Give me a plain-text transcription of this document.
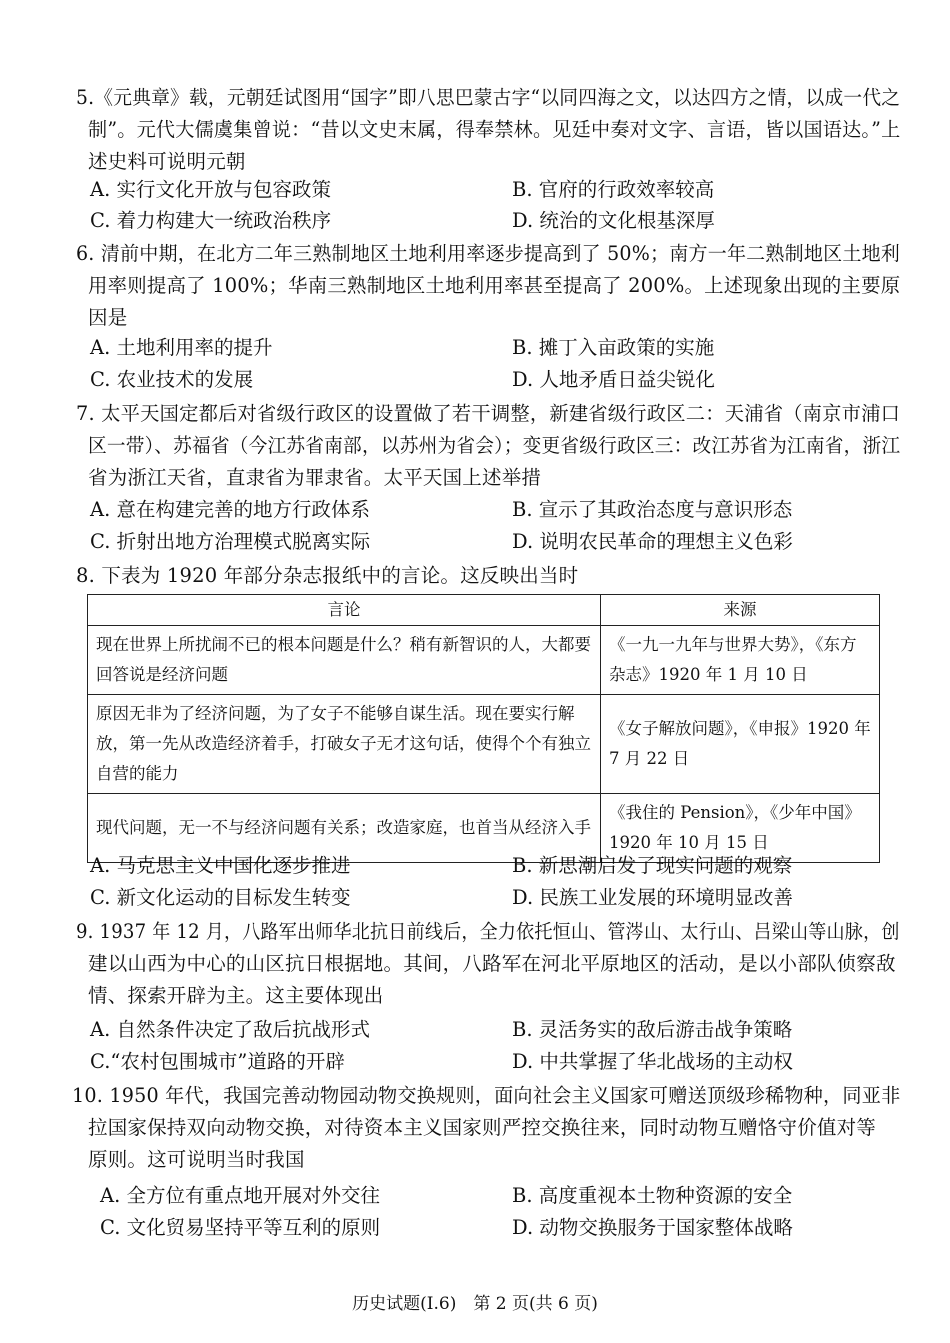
5.《元典章》载，元朝廷试图用“国字”即八思巴蒙古字“以同四海之文，以达四方之情，以成一代之
制”。元代大儒虞集曾说：“昔以文史末属，得奉禁林。见廷中奏对文字、言语，皆以国语达。”上
述史料可说明元朝
A. 实行文化开放与包容政策	B. 官府的行政效率较高
C. 着力构建大一统政治秩序	D. 统治的文化根基深厚
6. 清前中期，在北方二年三熟制地区土地利用率逐步提高到了 50%；南方一年二熟制地区土地利
用率则提高了 100%；华南三熟制地区土地利用率甚至提高了 200%。上述现象出现的主要原
因是
A. 土地利用率的提升	B. 摊丁入亩政策的实施
C. 农业技术的发展	D. 人地矛盾日益尖锐化
7. 太平天国定都后对省级行政区的设置做了若干调整，新建省级行政区二：天浦省（南京市浦口
区一带）、苏福省（今江苏省南部，以苏州为省会）；变更省级行政区三：改江苏省为江南省，浙江
省为浙江天省，直隶省为罪隶省。太平天国上述举措
A. 意在构建完善的地方行政体系	B. 宣示了其政治态度与意识形态
C. 折射出地方治理模式脱离实际	D. 说明农民革命的理想主义色彩
8. 下表为 1920 年部分杂志报纸中的言论。这反映出当时
言论	来源
现在世界上所扰闹不已的根本问题是什么？稍有新智识的人，大都要回答说是经济问题	《一九一九年与世界大势》，《东方杂志》1920 年 1 月 10 日
原因无非为了经济问题，为了女子不能够自谋生活。现在要实行解放，第一先从改造经济着手，打破女子无才这句话，使得个个有独立自营的能力	《女子解放问题》，《申报》1920 年 7 月 22 日
现代问题，无一不与经济问题有关系；改造家庭，也首当从经济入手	《我住的 Pension》，《少年中国》1920 年 10 月 15 日
A. 马克思主义中国化逐步推进	B. 新思潮启发了现实问题的观察
C. 新文化运动的目标发生转变	D. 民族工业发展的环境明显改善
9. 1937 年 12 月，八路军出师华北抗日前线后，全力依托恒山、管涔山、太行山、吕梁山等山脉，创
建以山西为中心的山区抗日根据地。其间，八路军在河北平原地区的活动，是以小部队侦察敌
情、探索开辟为主。这主要体现出
A. 自然条件决定了敌后抗战形式	B. 灵活务实的敌后游击战争策略
C.“农村包围城市”道路的开辟	D. 中共掌握了华北战场的主动权
10. 1950 年代，我国完善动物园动物交换规则，面向社会主义国家可赠送顶级珍稀物种，同亚非
拉国家保持双向动物交换，对待资本主义国家则严控交换往来，同时动物互赠恪守价值对等
原则。这可说明当时我国
A. 全方位有重点地开展对外交往	B. 高度重视本土物种资源的安全
C. 文化贸易坚持平等互利的原则	D. 动物交换服务于国家整体战略
历史试题(I.6)　第 2 页(共 6 页)
